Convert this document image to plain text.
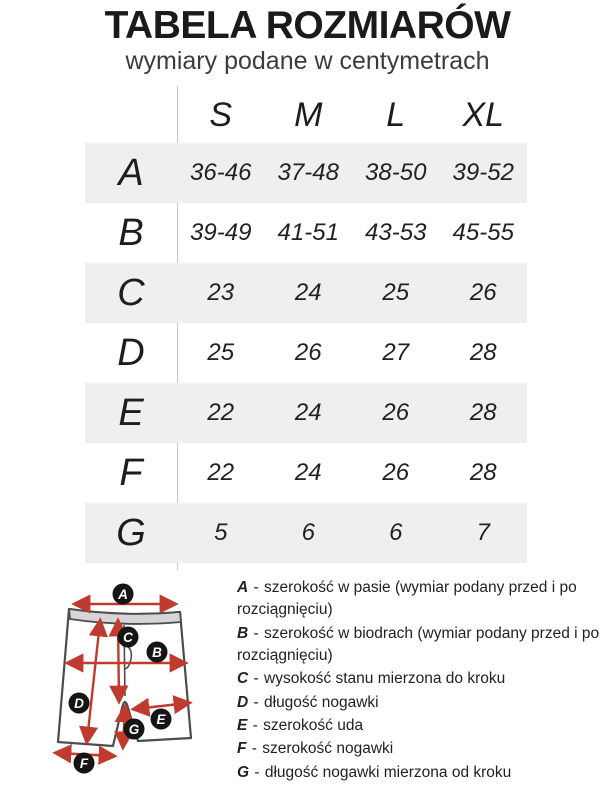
TABELA ROZMIARÓW
wymiary podane w centymetrach
S	M	L	XL
A	36-46	37-48	38-50	39-52
B	39-49	41-51	43-53	45-55
C	23	24	25	26
D	25	26	27	28
E	22	24	26	28
F	22	24	26	28
G	5	6	6	7
A
B
C
D
E
F
G

A - szerokość w pasie (wymiar podany przed i po rozciągnięciu)

B - szerokość w biodrach (wymiar podany przed i po rozciągnięciu)

C - wysokość stanu mierzona do kroku

D - długość nogawki

E - szerokość uda

F - szerokość nogawki

G - długość nogawki mierzona od kroku
